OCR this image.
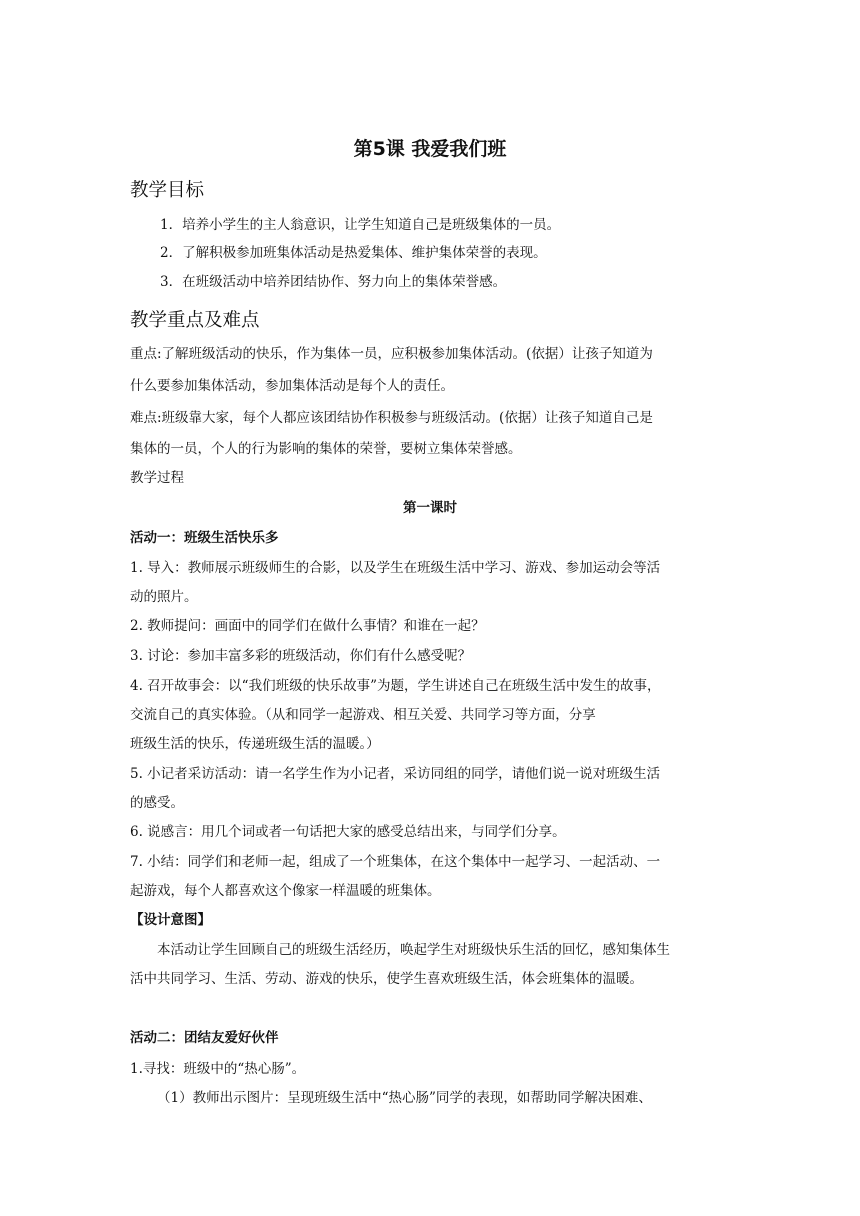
第5课 我爱我们班
教学目标
1．培养小学生的主人翁意识，让学生知道自己是班级集体的一员。
2．了解积极参加班集体活动是热爱集体、维护集体荣誉的表现。
3．在班级活动中培养团结协作、努力向上的集体荣誉感。
教学重点及难点
重点:了解班级活动的快乐，作为集体一员，应积极参加集体活动。(依据）让孩子知道为
什么要参加集体活动，参加集体活动是每个人的责任。
难点:班级靠大家，每个人都应该团结协作积极参与班级活动。(依据）让孩子知道自己是
集体的一员，个人的行为影响的集体的荣誉，要树立集体荣誉感。
教学过程
第一课时
活动一：班级生活快乐多
1. 导入：教师展示班级师生的合影，以及学生在班级生活中学习、游戏、参加运动会等活
动的照片。
2. 教师提问：画面中的同学们在做什么事情？和谁在一起？
3. 讨论：参加丰富多彩的班级活动，你们有什么感受呢？
4. 召开故事会：以“我们班级的快乐故事”为题，学生讲述自己在班级生活中发生的故事，
交流自己的真实体验。（从和同学一起游戏、相互关爱、共同学习等方面，分享
班级生活的快乐，传递班级生活的温暖。）
5. 小记者采访活动：请一名学生作为小记者，采访同组的同学，请他们说一说对班级生活
的感受。
6. 说感言：用几个词或者一句话把大家的感受总结出来，与同学们分享。
7. 小结：同学们和老师一起，组成了一个班集体，在这个集体中一起学习、一起活动、一
起游戏，每个人都喜欢这个像家一样温暖的班集体。
【设计意图】
本活动让学生回顾自己的班级生活经历，唤起学生对班级快乐生活的回忆，感知集体生
活中共同学习、生活、劳动、游戏的快乐，使学生喜欢班级生活，体会班集体的温暖。
活动二：团结友爱好伙伴
1.寻找：班级中的“热心肠”。
（1）教师出示图片：呈现班级生活中“热心肠”同学的表现，如帮助同学解决困难、
